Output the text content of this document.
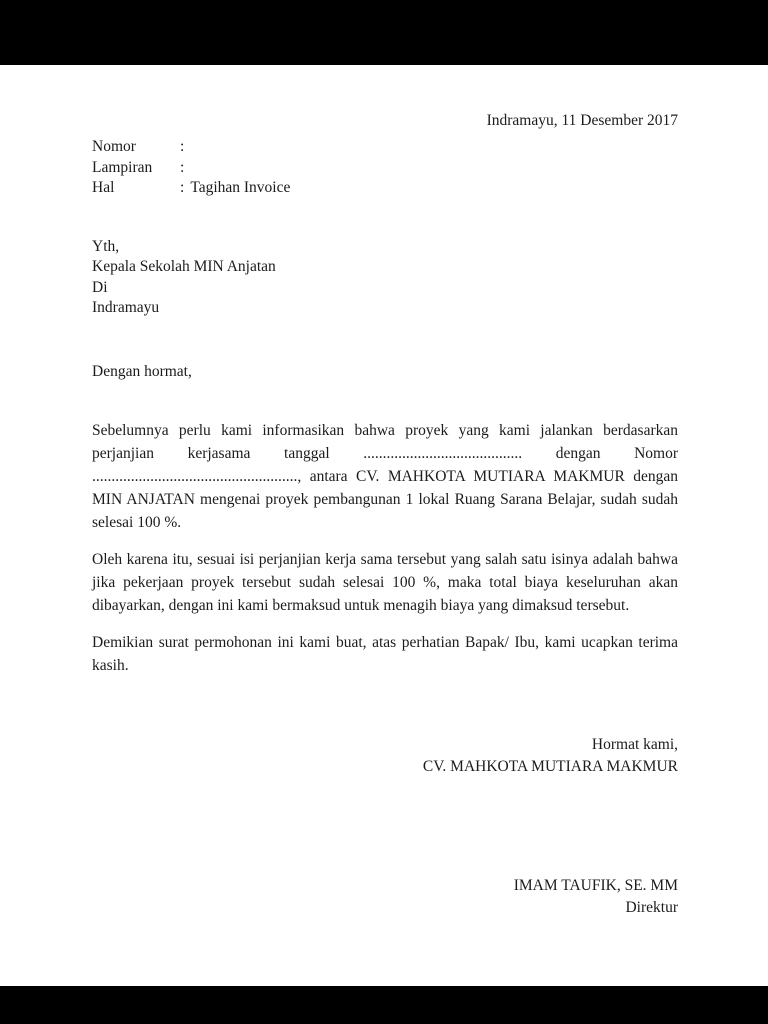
Indramayu, 11 Desember 2017
Nomor	:
Lampiran	:
Hal	: Tagihan Invoice
Yth,
Kepala Sekolah MIN Anjatan
Di
Indramayu
Dengan hormat,

Sebelumnya perlu kami informasikan bahwa proyek yang kami jalankan berdasarkan perjanjian kerjasama tanggal ......................................... dengan Nomor ....................................................., antara CV. MAHKOTA MUTIARA MAKMUR dengan MIN ANJATAN mengenai proyek pembangunan 1 lokal Ruang Sarana Belajar, sudah sudah selesai 100 %.

Oleh karena itu, sesuai isi perjanjian kerja sama tersebut yang salah satu isinya adalah bahwa jika pekerjaan proyek tersebut sudah selesai 100 %, maka total biaya keseluruhan akan dibayarkan, dengan ini kami bermaksud untuk menagih biaya yang dimaksud tersebut.

Demikian surat permohonan ini kami buat, atas perhatian Bapak/ Ibu, kami ucapkan terima kasih.

Hormat kami,
CV. MAHKOTA MUTIARA MAKMUR
IMAM TAUFIK, SE. MM
Direktur
